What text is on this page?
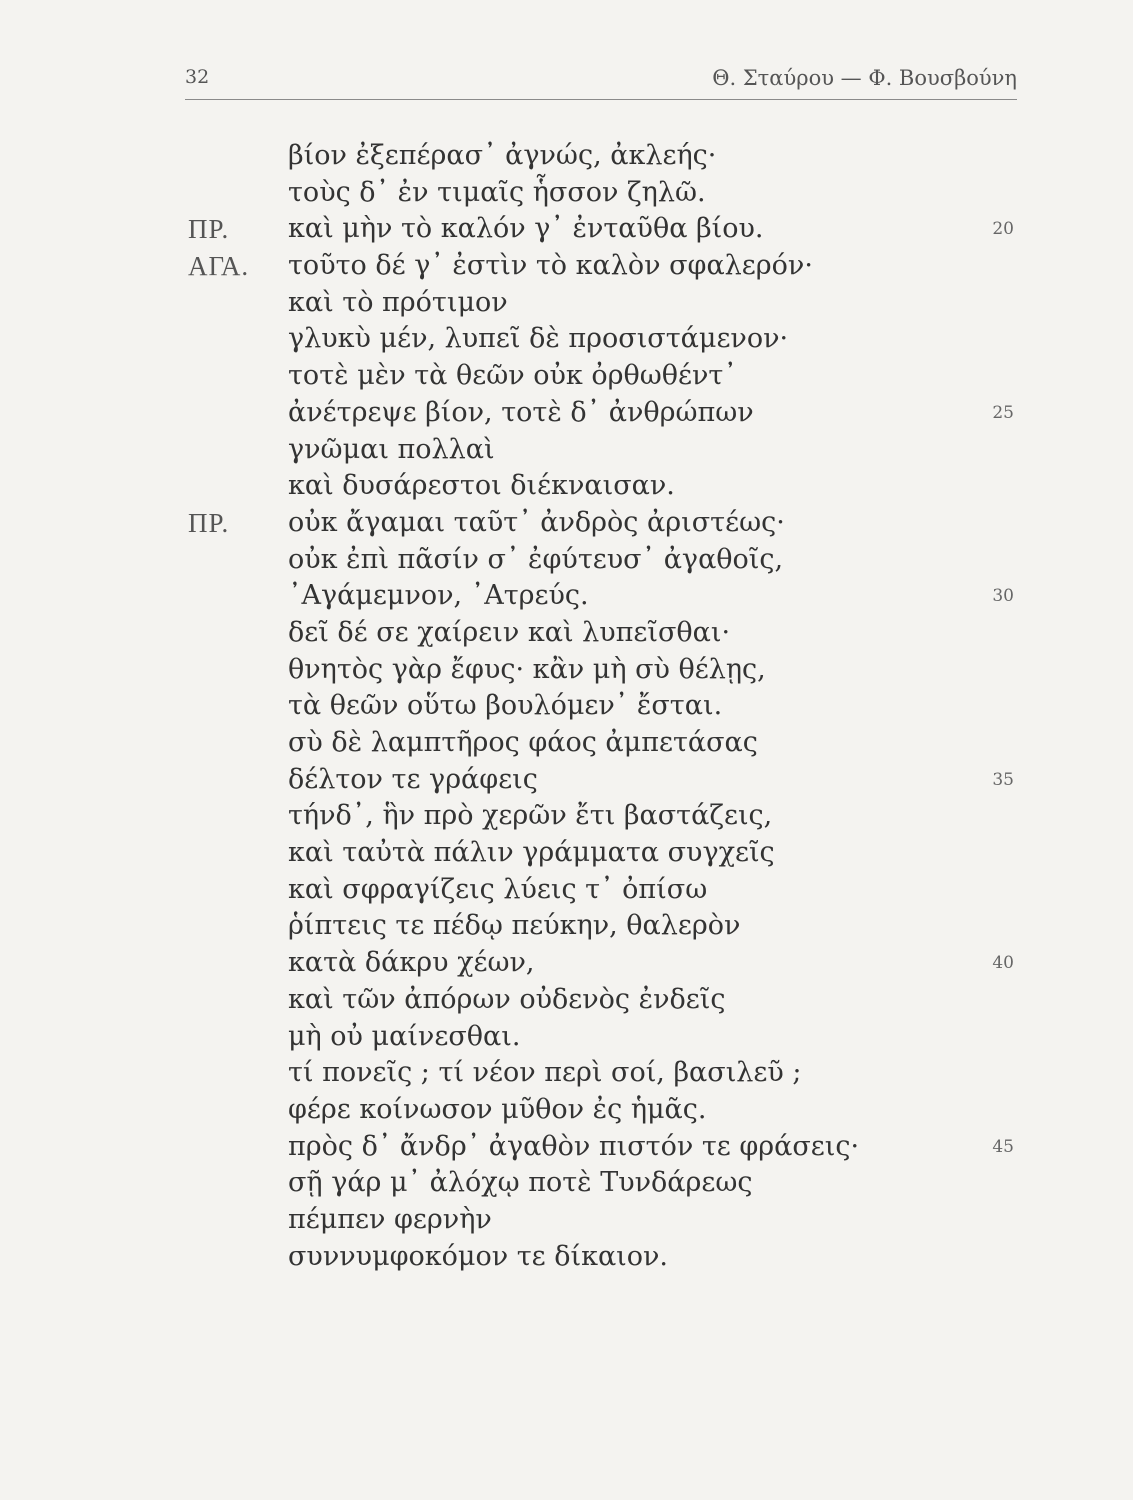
32	Θ. Σταύρου — Φ. Βουσβούνη
βίον ἐξεπέρασ᾽ ἀγνώς, ἀκλεής·
τοὺς δ᾽ ἐν τιμαῖς ἧσσον ζηλῶ.
ΠΡ. καὶ μὴν τὸ καλόν γ᾽ ἐνταῦθα βίου.	20
ΑΓΑ. τοῦτο δέ γ᾽ ἐστὶν τὸ καλὸν σφαλερόν·
καὶ τὸ πρότιμον
γλυκὺ μέν, λυπεῖ δὲ προσιστάμενον·
τοτὲ μὲν τὰ θεῶν οὐκ ὀρθωθέντ᾽
ἀνέτρεψε βίον, τοτὲ δ᾽ ἀνθρώπων	25
γνῶμαι πολλαὶ
καὶ δυσάρεστοι διέκναισαν.
ΠΡ. οὐκ ἄγαμαι ταῦτ᾽ ἀνδρὸς ἀριστέως·
οὐκ ἐπὶ πᾶσίν σ᾽ ἐφύτευσ᾽ ἀγαθοῖς,
᾽Αγάμεμνον, ᾽Ατρεύς.	30
δεῖ δέ σε χαίρειν καὶ λυπεῖσθαι·
θνητὸς γὰρ ἔφυς· κἂν μὴ σὺ θέλῃς,
τὰ θεῶν οὕτω βουλόμεν᾽ ἔσται.
σὺ δὲ λαμπτῆρος φάος ἀμπετάσας
δέλτον τε γράφεις	35
τήνδ᾽, ἣν πρὸ χερῶν ἔτι βαστάζεις,
καὶ ταὐτὰ πάλιν γράμματα συγχεῖς
καὶ σφραγίζεις λύεις τ᾽ ὀπίσω
ῥίπτεις τε πέδῳ πεύκην, θαλερὸν
κατὰ δάκρυ χέων,	40
καὶ τῶν ἀπόρων οὐδενὸς ἐνδεῖς
μὴ οὐ μαίνεσθαι.
τί πονεῖς ; τί νέον περὶ σοί, βασιλεῦ ;
φέρε κοίνωσον μῦθον ἐς ἡμᾶς.
πρὸς δ᾽ ἄνδρ᾽ ἀγαθὸν πιστόν τε φράσεις·	45
σῇ γάρ μ᾽ ἀλόχῳ ποτὲ Τυνδάρεως
πέμπεν φερνὴν
συννυμφοκόμον τε δίκαιον.
